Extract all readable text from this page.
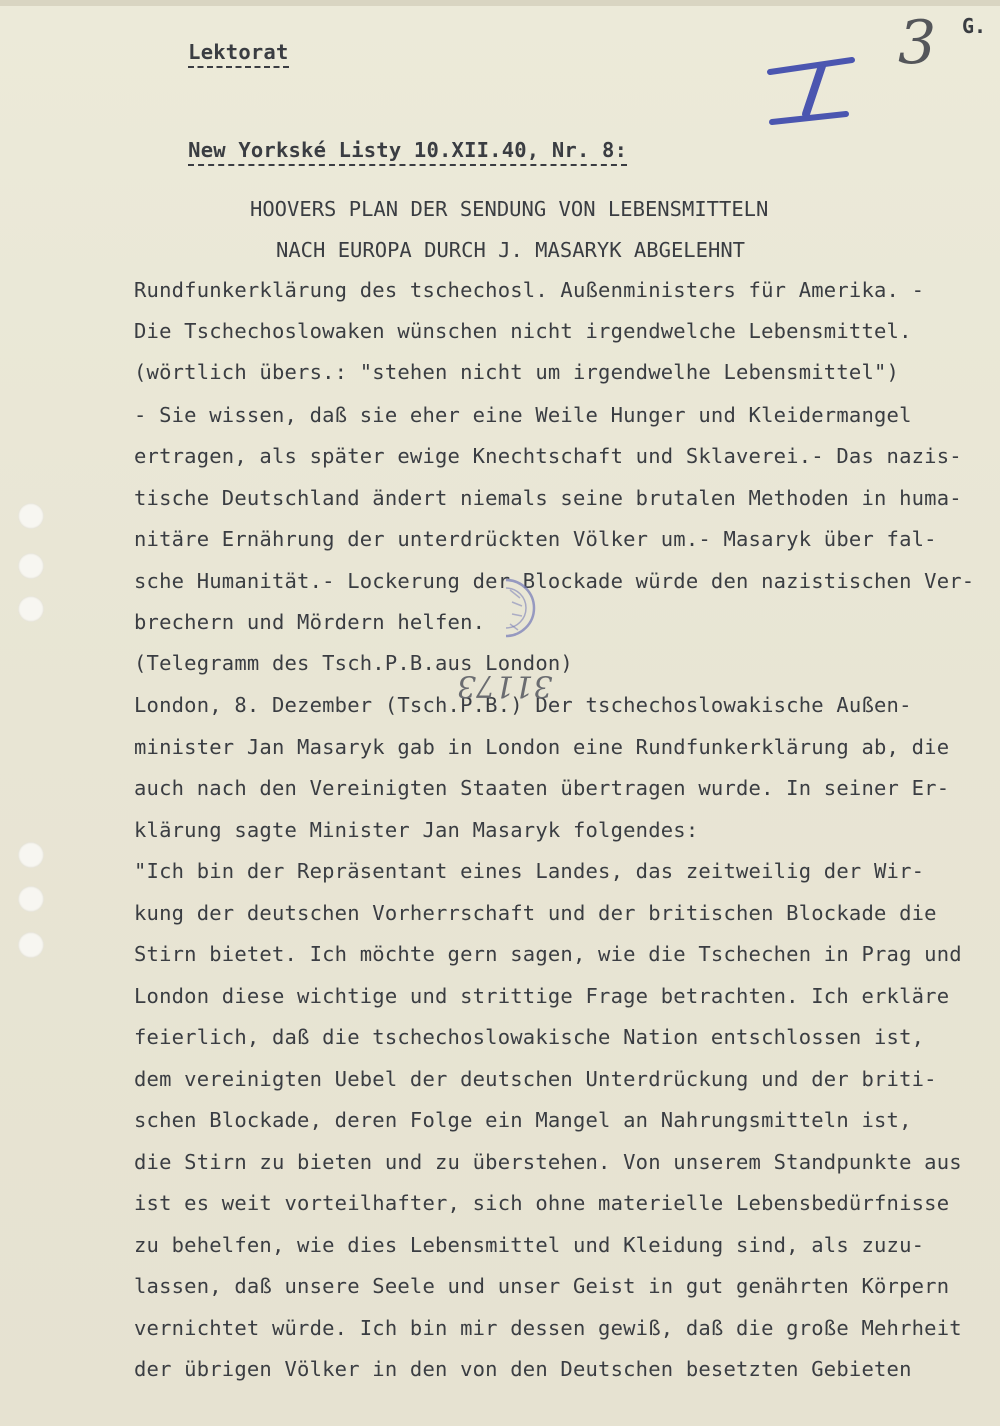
Lektorat

G.
3
I

New Yorkské Listy 10.XII.40, Nr. 8:

HOOVERS PLAN DER SENDUNG VON LEBENSMITTELN
NACH EUROPA DURCH J. MASARYK ABGELEHNT
Rundfunkerklärung des tschechosl. Außenministers für Amerika. -
Die Tschechoslowaken wünschen nicht irgendwelche Lebensmittel.
(wörtlich übers.: "stehen nicht um irgendwelhe Lebensmittel")
- Sie wissen, daß sie eher eine Weile Hunger und Kleidermangel
ertragen, als später ewige Knechtschaft und Sklaverei.- Das nazis-
tische Deutschland ändert niemals seine brutalen Methoden in huma-
nitäre Ernährung der unterdrückten Völker um.- Masaryk über fal-
sche Humanität.- Lockerung der Blockade würde den nazistischen Ver-
brechern und Mördern helfen.
(Telegramm des Tsch.P.B.aus London)
London, 8. Dezember (Tsch.P.B.) Der tschechoslowakische Außen-
minister Jan Masaryk gab in London eine Rundfunkerklärung ab, die
auch nach den Vereinigten Staaten übertragen wurde. In seiner Er-
klärung sagte Minister Jan Masaryk folgendes:
"Ich bin der Repräsentant eines Landes, das zeitweilig der Wir-
kung der deutschen Vorherrschaft und der britischen Blockade die
Stirn bietet. Ich möchte gern sagen, wie die Tschechen in Prag und
London diese wichtige und strittige Frage betrachten. Ich erkläre
feierlich, daß die tschechoslowakische Nation entschlossen ist,
dem vereinigten Uebel der deutschen Unterdrückung und der briti-
schen Blockade, deren Folge ein Mangel an Nahrungsmitteln ist,
die Stirn zu bieten und zu überstehen. Von unserem Standpunkte aus
ist es weit vorteilhafter, sich ohne materielle Lebensbedürfnisse
zu behelfen, wie dies Lebensmittel und Kleidung sind, als zuzu-
lassen, daß unsere Seele und unser Geist in gut genährten Körpern
vernichtet würde. Ich bin mir dessen gewiß, daß die große Mehrheit
der übrigen Völker in den von den Deutschen besetzten Gebieten
31173
